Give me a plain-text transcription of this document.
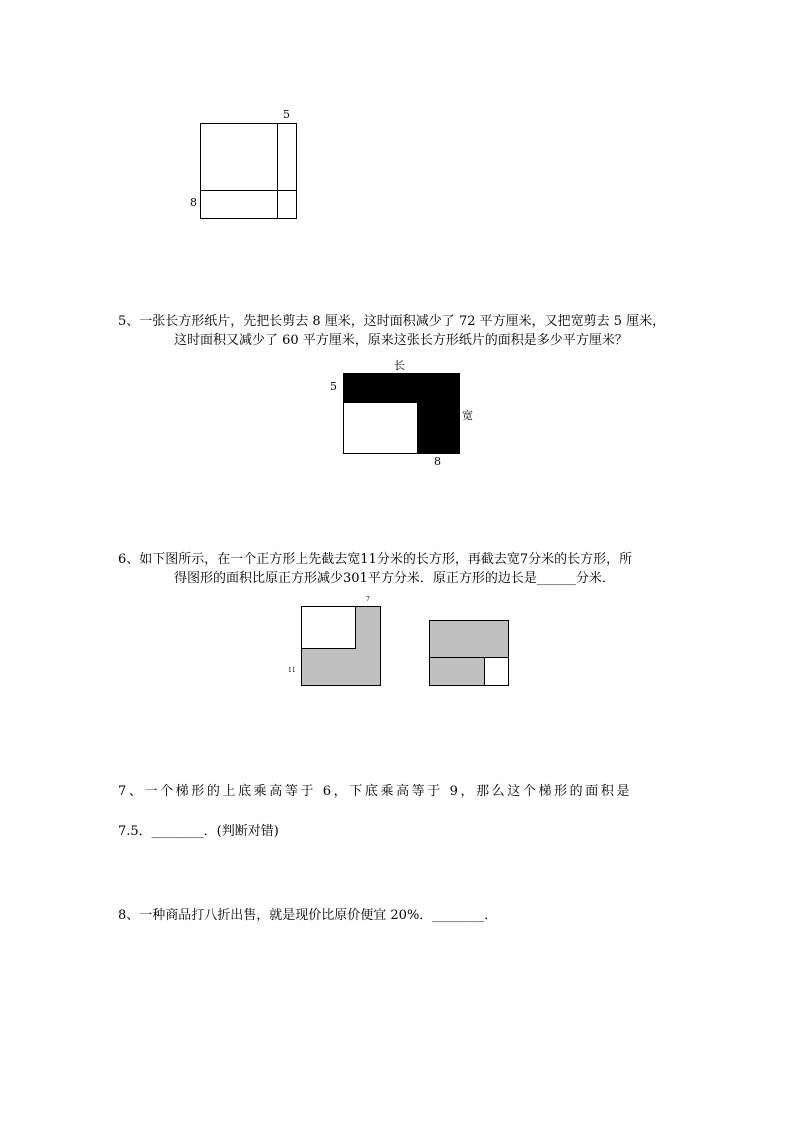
5
8
5、一张长方形纸片，先把长剪去 8 厘米，这时面积减少了 72 平方厘米，又把宽剪去 5 厘米，
这时面积又减少了 60 平方厘米，原来这张长方形纸片的面积是多少平方厘米？
长
5
宽
8
6、如下图所示，在一个正方形上先截去宽11分米的长方形，再截去宽7分米的长方形，所
得图形的面积比原正方形减少301平方分米．原正方形的边长是______分米．
7
11
7、一个梯形的上底乘高等于 6，下底乘高等于 9，那么这个梯形的面积是
7.5．________．(判断对错)
8、一种商品打八折出售，就是现价比原价便宜 20%．________．
